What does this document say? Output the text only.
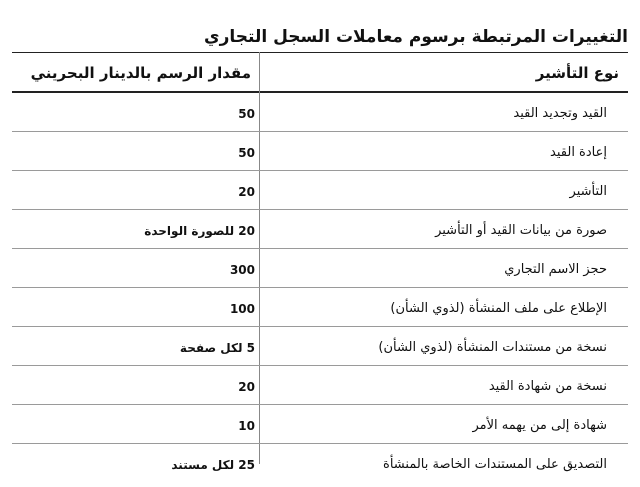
التغييرات المرتبطة برسوم معاملات السجل التجاري
نوع التأشير
مقدار الرسم بالدينار البحريني
القيد وتجديد القيد
50
إعادة القيد
50
التأشير
20
صورة من بيانات القيد أو التأشير
20 للصورة الواحدة
حجز الاسم التجاري
300
الإطلاع على ملف المنشأة (لذوي الشأن)
100
نسخة من مستندات المنشأة (لذوي الشأن)
5 لكل صفحة
نسخة من شهادة القيد
20
شهادة إلى من يهمه الأمر
10
التصديق على المستندات الخاصة بالمنشأة
25 لكل مستند
